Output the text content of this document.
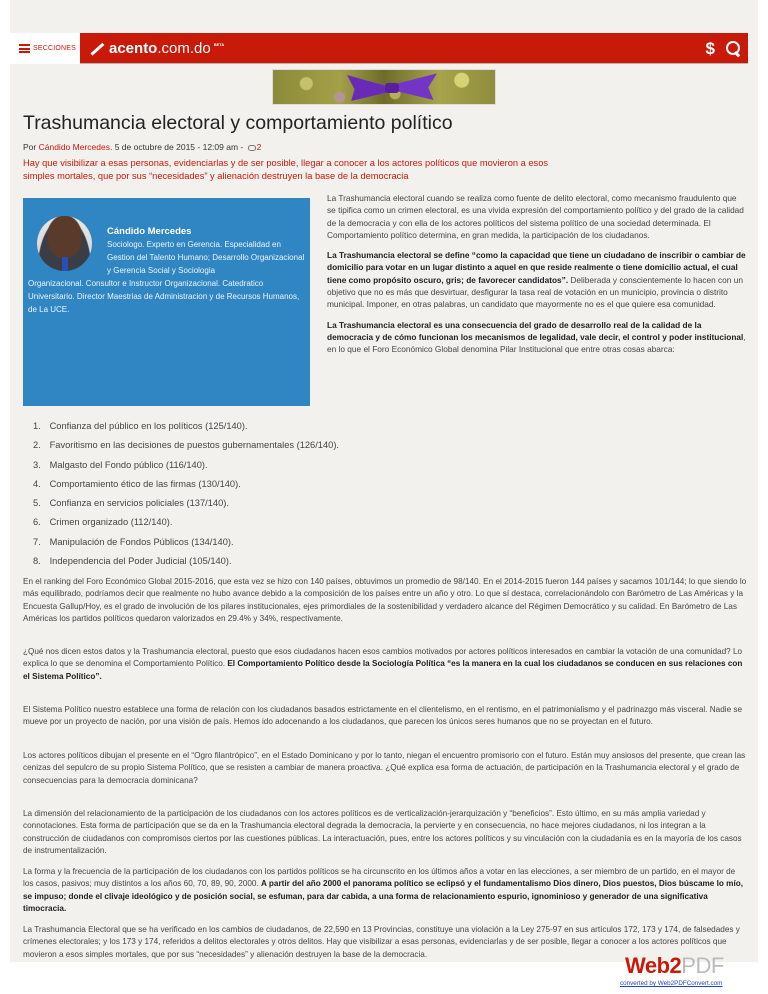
SECCIONES acento .com.do BETA	$
Trashumancia electoral y comportamiento político
Por Cándido Mercedes. 5 de octubre de 2015 - 12:09 am - 2

Hay que visibilizar a esas personas, evidenciarlas y de ser posible, llegar a conocer a los actores políticos que movieron a esos simples mortales, que por sus “necesidades” y alienación destruyen la base de la democracia

Cándido Mercedes
Sociologo. Experto en Gerencia. Especialidad en Gestion del Talento Humano; Desarrollo Organizacional y Gerencia Social y Sociologia
Organizacional. Consultor e Instructor Organizacional. Catedratico Universitario. Director Maestrias de Administracion y de Recursos Humanos, de La UCE.

La Trashumancia electoral cuando se realiza como fuente de delito electoral, como mecanismo fraudulento que se tipifica como un crimen electoral, es una vivida expresión del comportamiento político y del grado de la calidad de la democracia y con ella de los actores políticos del sistema político de una sociedad determinada. El Comportamiento político determina, en gran medida, la participación de los ciudadanos.

La Trashumancia electoral se define “como la capacidad que tiene un ciudadano de inscribir o cambiar de domicilio para votar en un lugar distinto a aquel en que reside realmente o tiene domicilio actual, el cual tiene como propósito oscuro, gris; de favorecer candidatos”. Deliberada y conscientemente lo hacen con un objetivo que no es más que desvirtuar, desfigurar la tasa real de votación en un municipio, provincia o distrito municipal. Imponer, en otras palabras, un candidato que mayormente no es el que quiere esa comunidad.

La Trashumancia electoral es una consecuencia del grado de desarrollo real de la calidad de la democracia y de cómo funcionan los mecanismos de legalidad, vale decir, el control y poder institucional, en lo que el Foro Económico Global denomina Pilar Institucional que entre otras cosas abarca:

1. Confianza del público en los políticos (125/140).
2. Favoritismo en las decisiones de puestos gubernamentales (126/140).
3. Malgasto del Fondo público (116/140).
4. Comportamiento ético de las firmas (130/140).
5. Confianza en servicios policiales (137/140).
6. Crimen organizado (112/140).
7. Manipulación de Fondos Públicos (134/140).
8. Independencia del Poder Judicial (105/140).

En el ranking del Foro Económico Global 2015-2016, que esta vez se hizo con 140 países, obtuvimos un promedio de 98/140. En el 2014-2015 fueron 144 países y sacamos 101/144; lo que siendo lo más equilibrado, podríamos decir que realmente no hubo avance debido a la composición de los países entre un año y otro. Lo que sí destaca, correlacionándolo con Barómetro de Las Américas y la Encuesta Gallup/Hoy, es el grado de involución de los pilares institucionales, ejes primordiales de la sostenibilidad y verdadero alcance del Régimen Democrático y su calidad. En Barómetro de Las Américas los partidos políticos quedaron valorizados en 29.4% y 34%, respectivamente.

¿Qué nos dicen estos datos y la Trashumancia electoral, puesto que esos ciudadanos hacen esos cambios motivados por actores políticos interesados en cambiar la votación de una comunidad? Lo explica lo que se denomina el Comportamiento Político. El Comportamiento Político desde la Sociología Política “es la manera en la cual los ciudadanos se conducen en sus relaciones con el Sistema Político”.

El Sistema Político nuestro establece una forma de relación con los ciudadanos basados estrictamente en el clientelismo, en el rentismo, en el patrimonialismo y el padrinazgo más visceral. Nadie se mueve por un proyecto de nación, por una visión de país. Hemos ido adocenando a los ciudadanos, que parecen los únicos seres humanos que no se proyectan en el futuro.

Los actores políticos dibujan el presente en el “Ogro filantrópico”, en el Estado Dominicano y por lo tanto, niegan el encuentro promisorio con el futuro. Están muy ansiosos del presente, que crean las cenizas del sepulcro de su propio Sistema Político, que se resisten a cambiar de manera proactiva. ¿Qué explica esa forma de actuación, de participación en la Trashumancia electoral y el grado de consecuencias para la democracia dominicana?

La dimensión del relacionamiento de la participación de los ciudadanos con los actores políticos es de verticalización-jerarquización y “beneficios”. Esto último, en su más amplia variedad y connotaciones. Esta forma de participación que se da en la Trashumancia electoral degrada la democracia, la pervierte y en consecuencia, no hace mejores ciudadanos, ni los integran a la construcción de ciudadanos con compromisos ciertos por las cuestiones públicas. La interactuación, pues, entre los actores políticos y su vinculación con la ciudadanía es en la mayoría de los casos de instrumentalización.

La forma y la frecuencia de la participación de los ciudadanos con los partidos políticos se ha circunscrito en los últimos años a votar en las elecciones, a ser miembro de un partido, en el mayor de los casos, pasivos; muy distintos a los años 60, 70, 89, 90, 2000. A partir del año 2000 el panorama político se eclipsó y el fundamentalismo Dios dinero, Dios puestos, Dios búscame lo mío, se impuso; donde el clivaje ideológico y de posición social, se esfuman, para dar cabida, a una forma de relacionamiento espurio, ignominioso y generador de una significativa timocracia.

La Trashumancia Electoral que se ha verificado en los cambios de ciudadanos, de 22,590 en 13 Provincias, constituye una violación a la Ley 275-97 en sus artículos 172, 173 y 174, de falsedades y crímenes electorales; y los 173 y 174, referidos a delitos electorales y otros delitos. Hay que visibilizar a esas personas, evidenciarlas y de ser posible, llegar a conocer a los actores políticos que movieron a esos simples mortales, que por sus “necesidades” y alienación destruyen la base de la democracia.	Web2PDF
converted by Web2PDFConvert.com
